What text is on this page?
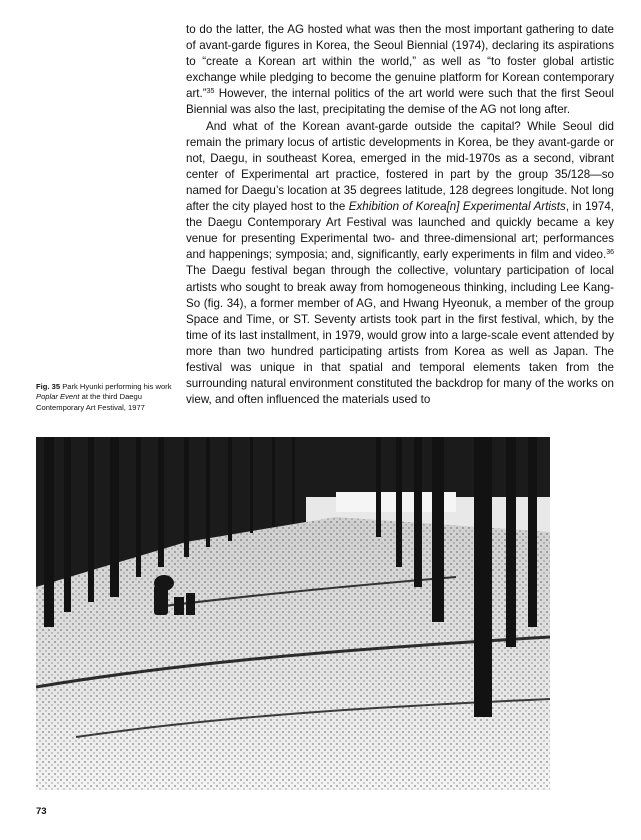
to do the latter, the AG hosted what was then the most important gathering to date of avant-garde figures in Korea, the Seoul Biennial (1974), declaring its aspirations to “create a Korean art within the world,” as well as “to foster global artistic exchange while pledging to become the genuine platform for Korean contemporary art.”$^{35}$ However, the internal politics of the art world were such that the first Seoul Biennial was also the last, precipitating the demise of the AG not long after.

And what of the Korean avant-garde outside the capital? While Seoul did remain the primary locus of artistic developments in Korea, be they avant-garde or not, Daegu, in southeast Korea, emerged in the mid-1970s as a second, vibrant center of Experimental art practice, fostered in part by the group 35/128—so named for Daegu’s location at 35 degrees latitude, 128 degrees longitude. Not long after the city played host to the Exhibition of Korea[n] Experimental Artists, in 1974, the Daegu Contemporary Art Festival was launched and quickly became a key venue for presenting Experimental two- and three-dimensional art; performances and happenings; symposia; and, significantly, early experiments in film and video.$^{36}$ The Daegu festival began through the collective, voluntary participation of local artists who sought to break away from homogeneous thinking, including Lee Kang-So (fig. 34), a former member of AG, and Hwang Hyeonuk, a member of the group Space and Time, or ST. Seventy artists took part in the first festival, which, by the time of its last installment, in 1979, would grow into a large-scale event attended by more than two hundred participating artists from Korea as well as Japan. The festival was unique in that spatial and temporal elements taken from the surrounding natural environment constituted the backdrop for many of the works on view, and often influenced the materials used to

Fig. 35 Park Hyunki performing his work Poplar Event at the third Daegu Contemporary Art Festival, 1977
73
